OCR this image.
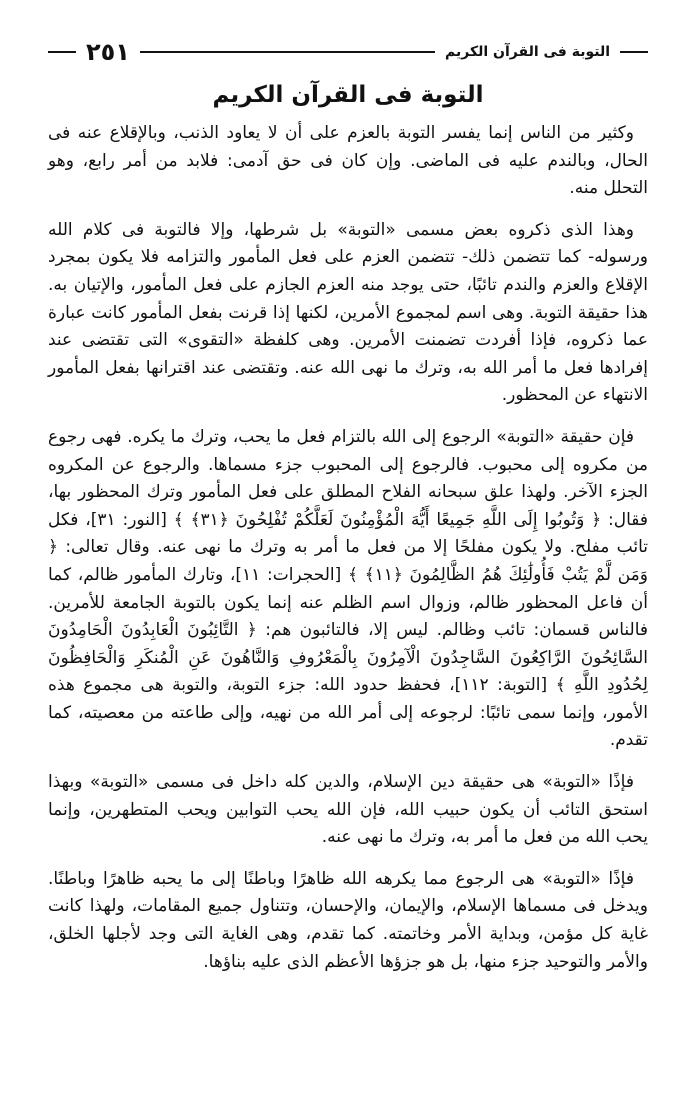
التوبة فى القرآن الكريم
٢٥١
التوبة فى القرآن الكريم

وكثير من الناس إنما يفسر التوبة بالعزم على أن لا يعاود الذنب، وبالإقلاع عنه فى الحال، وبالندم عليه فى الماضى. وإن كان فى حق آدمى: فلابد من أمر رابع، وهو التحلل منه.

وهذا الذى ذكروه بعض مسمى «التوبة» بل شرطها، وإلا فالتوبة فى كلام الله ورسوله- كما تتضمن ذلك- تتضمن العزم على فعل المأمور والتزامه فلا يكون بمجرد الإقلاع والعزم والندم تائبًا، حتى يوجد منه العزم الجازم على فعل المأمور، والإتيان به. هذا حقيقة التوبة. وهى اسم لمجموع الأمرين، لكنها إذا قرنت بفعل المأمور كانت عبارة عما ذكروه، فإذا أفردت تضمنت الأمرين. وهى كلفظة «التقوى» التى تقتضى عند إفرادها فعل ما أمر الله به، وترك ما نهى الله عنه. وتقتضى عند اقترانها بفعل المأمور الانتهاء عن المحظور.

فإن حقيقة «التوبة» الرجوع إلى الله بالتزام فعل ما يحب، وترك ما يكره. فهى رجوع من مكروه إلى محبوب. فالرجوع إلى المحبوب جزء مسماها. والرجوع عن المكروه الجزء الآخر. ولهذا علق سبحانه الفلاح المطلق على فعل المأمور وترك المحظور بها، فقال: ﴿ وَتُوبُوا إِلَى اللَّهِ جَمِيعًا أَيُّهَ الْمُؤْمِنُونَ لَعَلَّكُمْ تُفْلِحُونَ ﴿٣١﴾ ﴾ [النور: ٣١]، فكل تائب مفلح. ولا يكون مفلحًا إلا من فعل ما أمر به وترك ما نهى عنه. وقال تعالى: ﴿ وَمَن لَّمْ يَتُبْ فَأُولَٰئِكَ هُمُ الظَّالِمُونَ ﴿١١﴾ ﴾ [الحجرات: ١١]، وتارك المأمور ظالم، كما أن فاعل المحظور ظالم، وزوال اسم الظلم عنه إنما يكون بالتوبة الجامعة للأمرين. فالناس قسمان: تائب وظالم. ليس إلا، فالتائبون هم: ﴿ التَّائِبُونَ الْعَابِدُونَ الْحَامِدُونَ السَّائِحُونَ الرَّاكِعُونَ السَّاجِدُونَ الْآمِرُونَ بِالْمَعْرُوفِ وَالنَّاهُونَ عَنِ الْمُنكَرِ وَالْحَافِظُونَ لِحُدُودِ اللَّهِ ﴾ [التوبة: ١١٢]، فحفظ حدود الله: جزء التوبة، والتوبة هى مجموع هذه الأمور، وإنما سمى تائبًا: لرجوعه إلى أمر الله من نهيه، وإلى طاعته من معصيته، كما تقدم.

فإذًا «التوبة» هى حقيقة دين الإسلام، والدين كله داخل فى مسمى «التوبة» وبهذا استحق التائب أن يكون حبيب الله، فإن الله يحب التوابين ويحب المتطهرين، وإنما يحب الله من فعل ما أمر به، وترك ما نهى عنه.

فإذًا «التوبة» هى الرجوع مما يكرهه الله ظاهرًا وباطنًا إلى ما يحبه ظاهرًا وباطنًا. ويدخل فى مسماها الإسلام، والإيمان، والإحسان، وتتناول جميع المقامات، ولهذا كانت غاية كل مؤمن، وبداية الأمر وخاتمته. كما تقدم، وهى الغاية التى وجد لأجلها الخلق، والأمر والتوحيد جزء منها، بل هو جزؤها الأعظم الذى عليه بناؤها.
